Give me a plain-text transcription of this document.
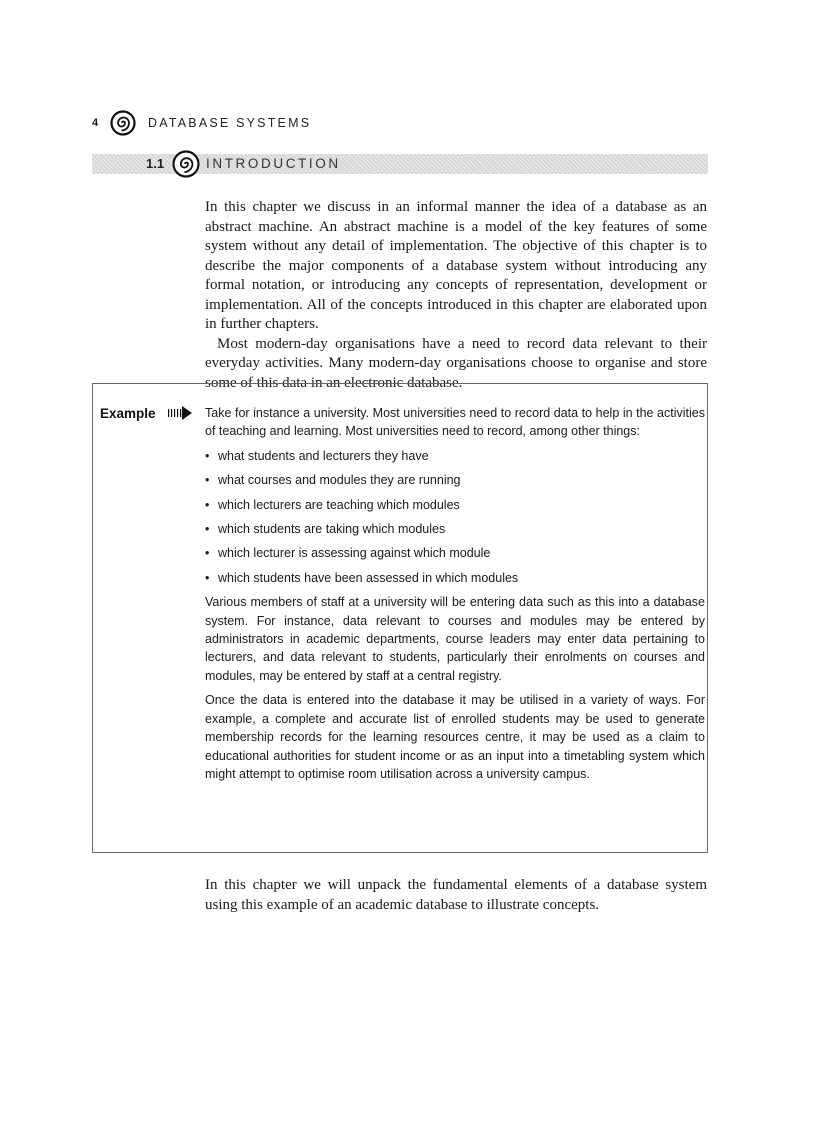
4	DATABASE SYSTEMS
1.1	INTRODUCTION

In this chapter we discuss in an informal manner the idea of a database as an abstract machine. An abstract machine is a model of the key features of some system without any detail of implementation. The objective of this chapter is to describe the major components of a database system without introducing any formal notation, or introducing any concepts of representation, development or implementation. All of the concepts introduced in this chapter are elaborated upon in further chapters.

Most modern-day organisations have a need to record data relevant to their everyday activities. Many modern-day organisations choose to organise and store some of this data in an electronic database.

Example	Take for instance a university. Most universities need to record data to help in the activities of teaching and learning. Most universities need to record, among other things:

• what students and lecturers they have
• what courses and modules they are running
• which lecturers are teaching which modules
• which students are taking which modules
• which lecturer is assessing against which module
• which students have been assessed in which modules

Various members of staff at a university will be entering data such as this into a database system. For instance, data relevant to courses and modules may be entered by administrators in academic departments, course leaders may enter data pertaining to lecturers, and data relevant to students, particularly their enrolments on courses and modules, may be entered by staff at a central registry.

Once the data is entered into the database it may be utilised in a variety of ways. For example, a complete and accurate list of enrolled students may be used to generate membership records for the learning resources centre, it may be used as a claim to educational authorities for student income or as an input into a timetabling system which might attempt to optimise room utilisation across a university campus.

In this chapter we will unpack the fundamental elements of a database system using this example of an academic database to illustrate concepts.
